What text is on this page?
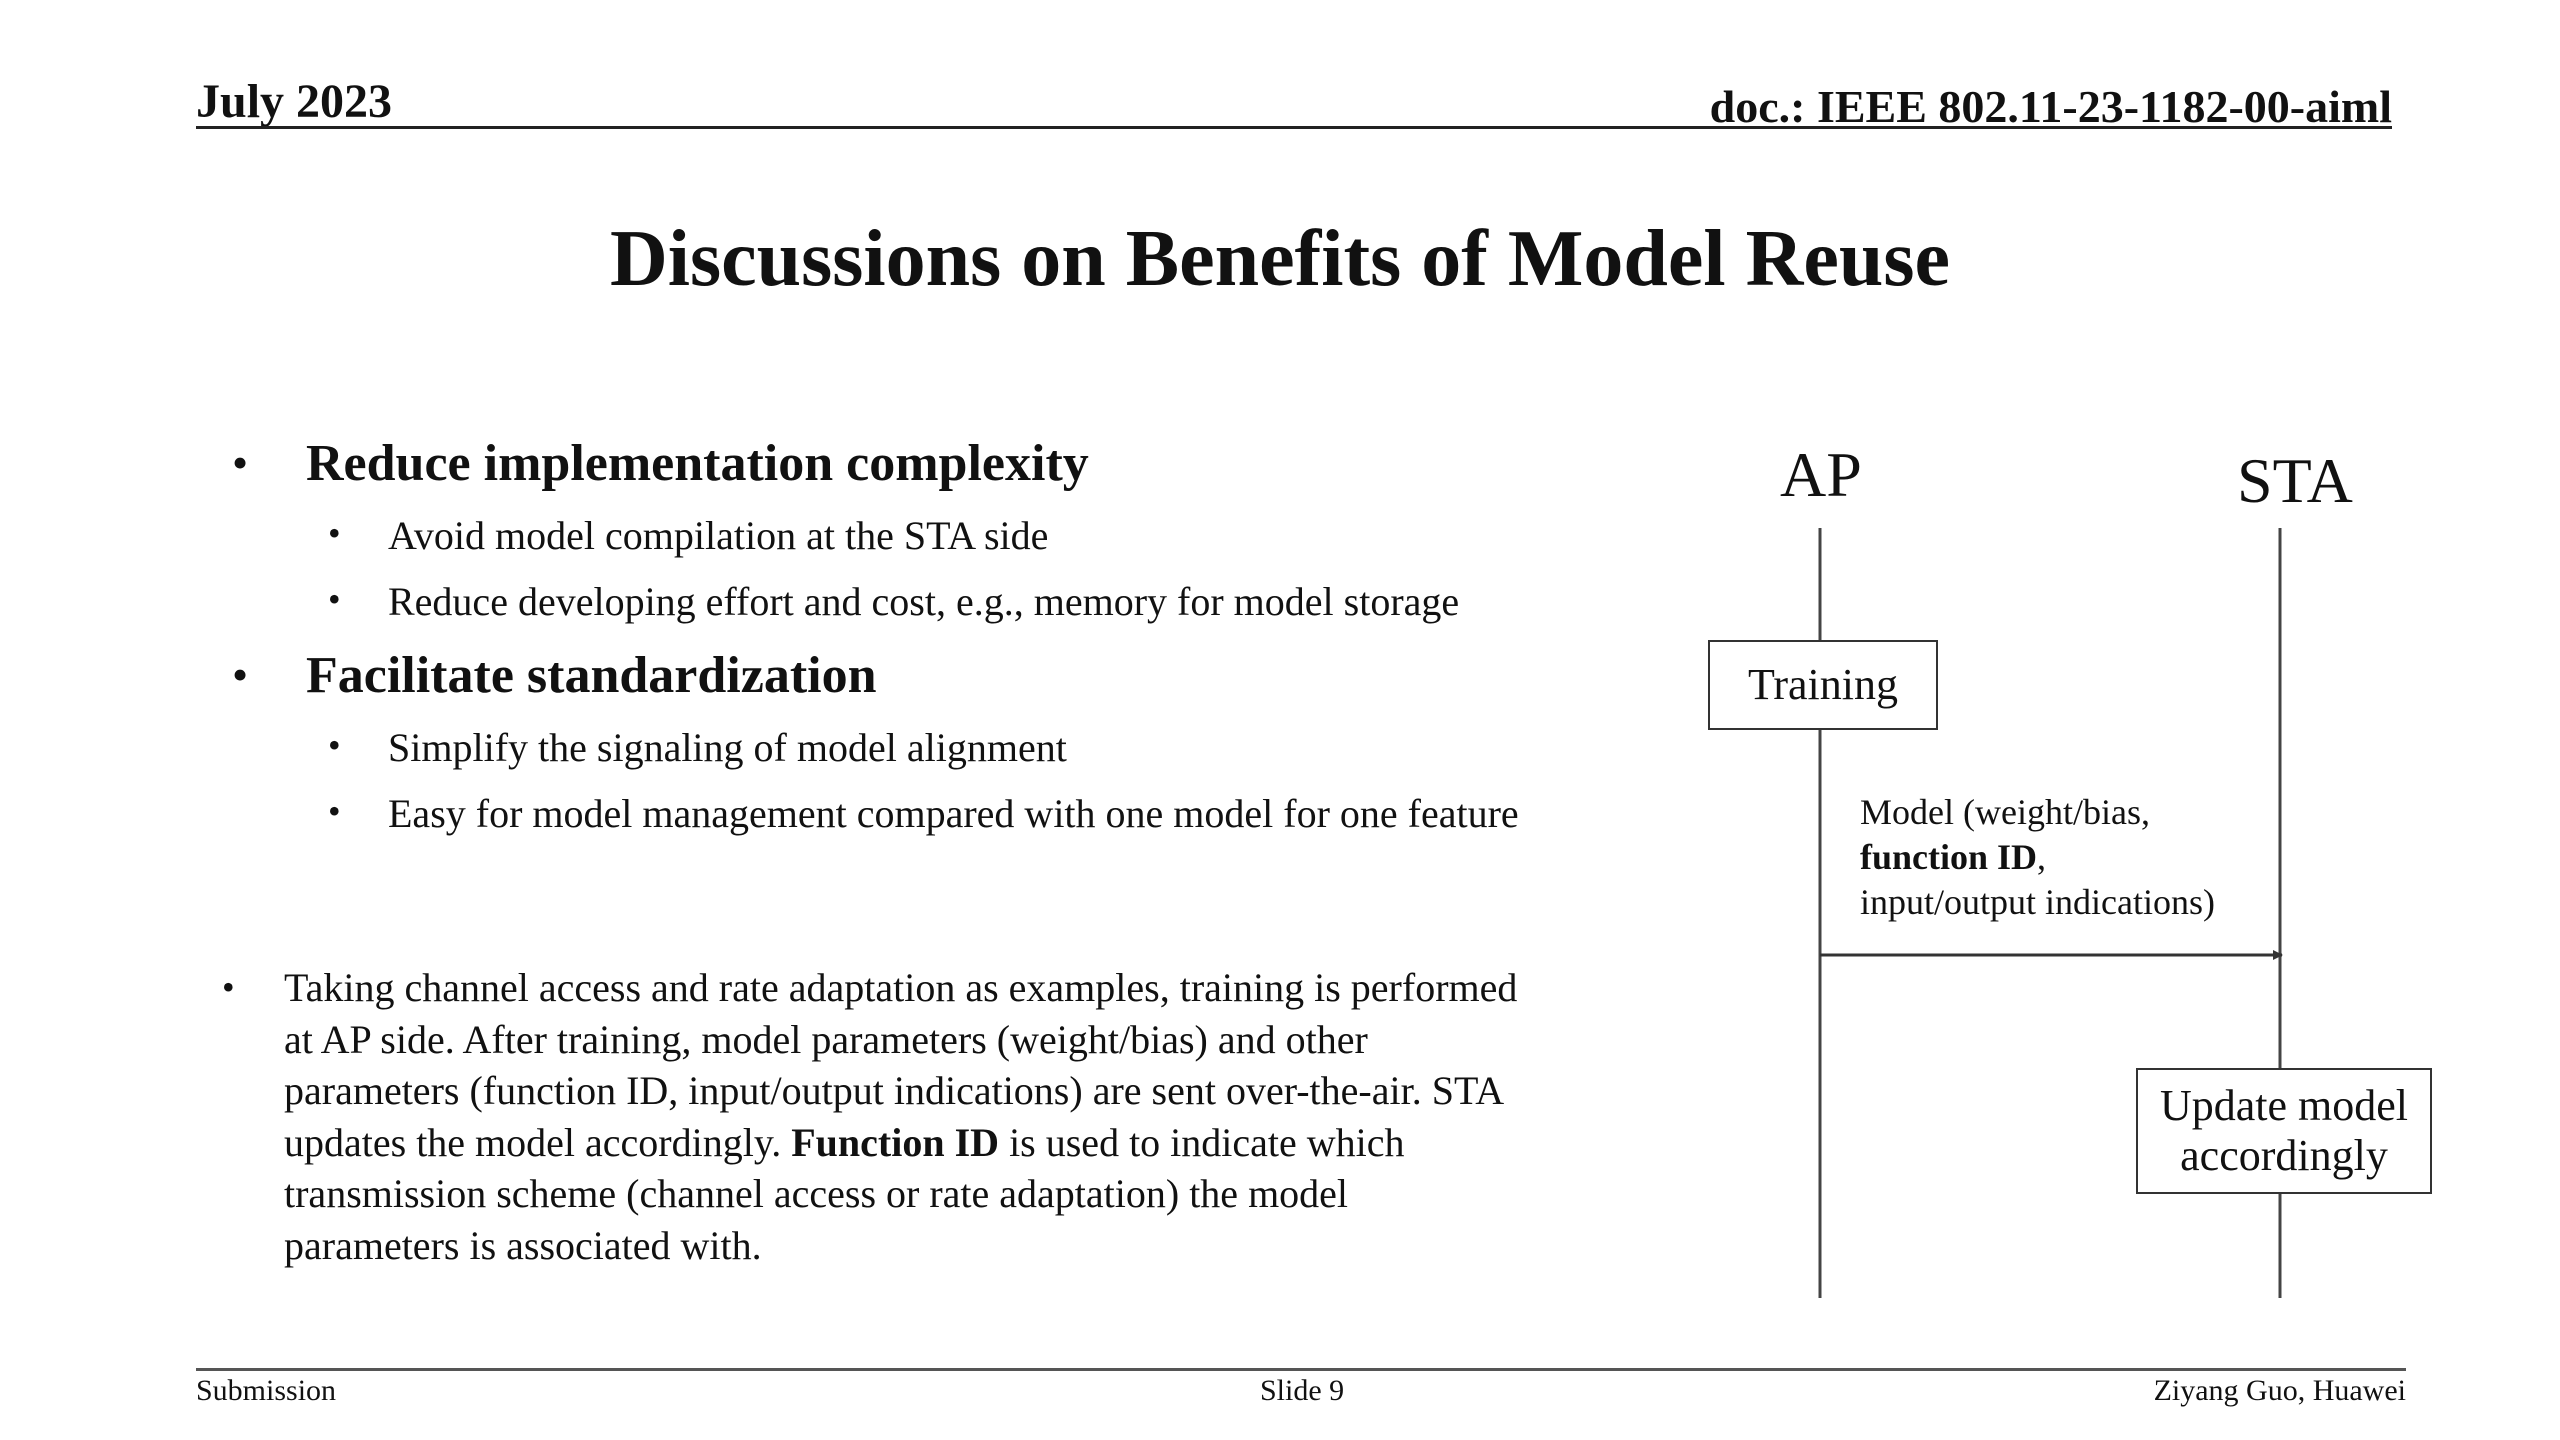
July 2023	doc.: IEEE 802.11-23-1182-00-aiml
Discussions on Benefits of Model Reuse
• Reduce implementation complexity
• Avoid model compilation at the STA side
• Reduce developing effort and cost, e.g., memory for model storage
• Facilitate standardization
• Simplify the signaling of model alignment
• Easy for model management compared with one model for one feature
• Taking channel access and rate adaptation as examples, training is performed
at AP side. After training, model parameters (weight/bias) and other
parameters (function ID, input/output indications) are sent over-the-air. STA
updates the model accordingly. Function ID is used to indicate which
transmission scheme (channel access or rate adaptation) the model
parameters is associated with.
AP	STA
Training
Model (weight/bias,
function ID,
input/output indications)
Update model
accordingly
Submission	Slide 9	Ziyang Guo, Huawei
